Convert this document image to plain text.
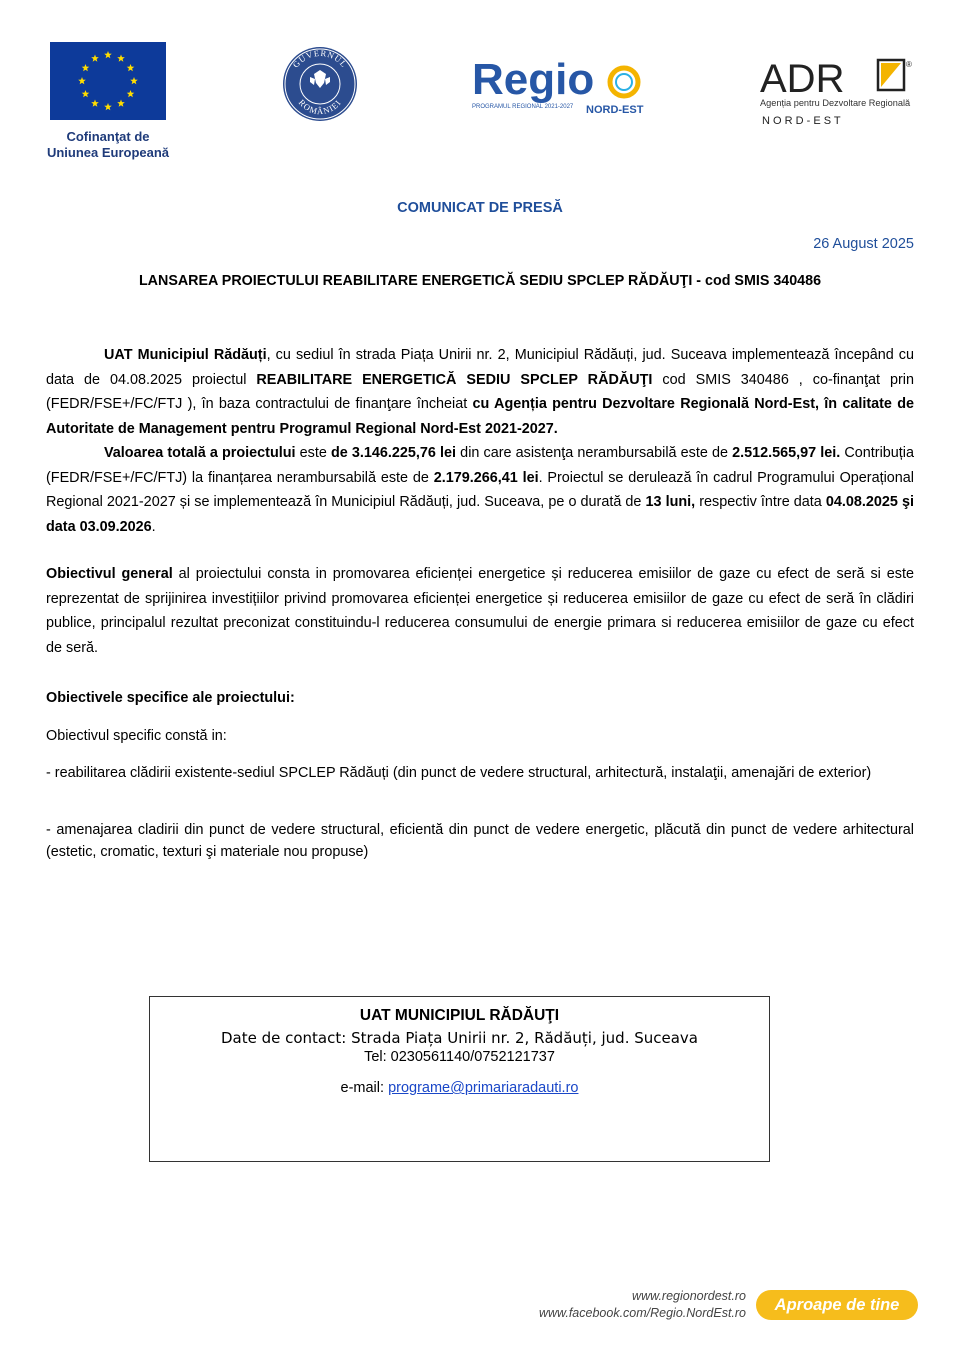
Cofinanţat de
Uniunea Europeană
GUVERNUL
ROMÂNIEI	Regio
PROGRAMUL REGIONAL 2021-2027 NORD-EST
ADR	®
Agenția pentru Dezvoltare Regională
N O R D - E S T
COMUNICAT DE PRESĂ
26 August 2025
LANSAREA PROIECTULUI REABILITARE ENERGETICĂ SEDIU SPCLEP RĂDĂUŢI - cod SMIS 340486
UAT Municipiul Rădăuți, cu sediul în strada Piața Unirii nr. 2, Municipiul Rădăuți, jud. Suceava implementează începând cu data de 04.08.2025 proiectul REABILITARE ENERGETICĂ SEDIU SPCLEP RĂDĂUŢI cod SMIS 340486 , co-finanţat prin (FEDR/FSE+/FC/FTJ ), în baza contractului de finanţare încheiat cu Agenția pentru Dezvoltare Regională Nord-Est, în calitate de Autoritate de Management pentru Programul Regional Nord-Est 2021-2027.
Valoarea totală a proiectului este de 3.146.225,76 lei din care asistenţa nerambursabilă este de 2.512.565,97 lei. Contribuția (FEDR/FSE+/FC/FTJ) la finanțarea nerambursabilă este de 2.179.266,41 lei. Proiectul se derulează în cadrul Programului Operațional Regional 2021-2027 și se implementează în Municipiul Rădăuți, jud. Suceava, pe o durată de 13 luni, respectiv între data 04.08.2025 şi data 03.09.2026.
Obiectivul general al proiectului consta in promovarea eficienței energetice și reducerea emisiilor de gaze cu efect de seră si este reprezentat de sprijinirea investițiilor privind promovarea eficienței energetice și reducerea emisiilor de gaze cu efect de seră în clădiri publice, principalul rezultat preconizat constituindu-l reducerea consumului de energie primara si reducerea emisiilor de gaze cu efect de seră.
Obiectivele specifice ale proiectului:
Obiectivul specific constă in:
- reabilitarea clădirii existente-sediul SPCLEP Rădăuți (din punct de vedere structural, arhitectură, instalaţii, amenajări de exterior)
- amenajarea cladirii din punct de vedere structural, eficientă din punct de vedere energetic, plăcută din punct de vedere arhitectural (estetic, cromatic, texturi şi materiale nou propuse)
UAT MUNICIPIUL RĂDĂUŢI
Date de contact: Strada Piața Unirii nr. 2, Rădăuți, jud. Suceava
Tel: 0230561140/0752121737
e-mail: programe@primariaradauti.ro
www.regionordest.ro
www.facebook.com/Regio.NordEst.ro	Aproape de tine
